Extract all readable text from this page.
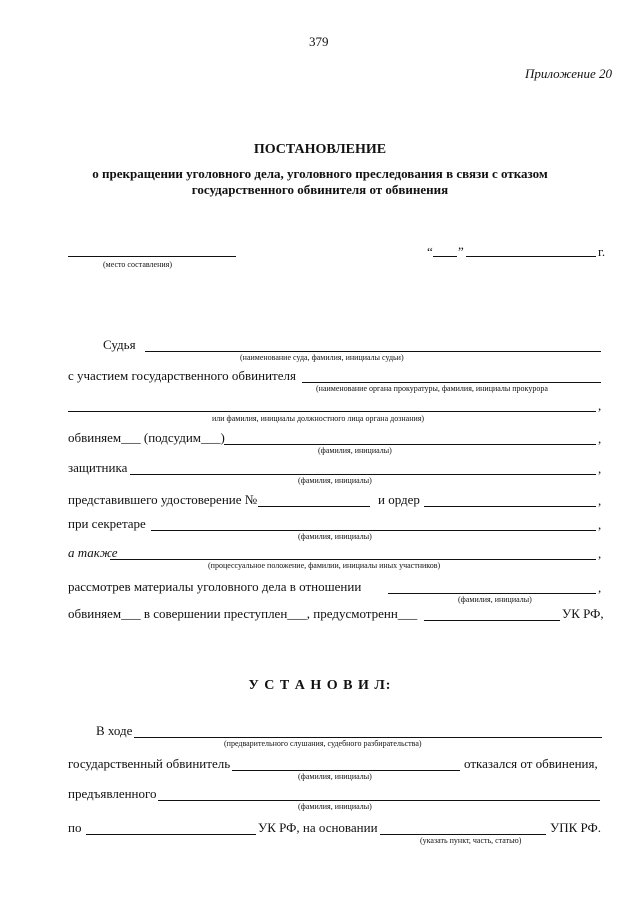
379
Приложение 20
ПОСТАНОВЛЕНИЕ
о прекращении уголовного дела, уголовного преследования в связи с отказом
государственного обвинителя от обвинения
(место составления)
“ ”	г.
Судья
(наименование суда, фамилия, инициалы судьи)
с участием государственного обвинителя
(наименование органа прокуратуры, фамилия, инициалы прокурора
,
или фамилия, инициалы должностного лица органа дознания)
обвиняем___ (подсудим___)	,
(фамилия, инициалы)
защитника	,
(фамилия, инициалы)
представившего удостоверение №	и ордер	,
при секретаре	,
(фамилия, инициалы)
а также	,
(процессуальное положение, фамилии, инициалы иных участников)
рассмотрев материалы уголовного дела в отношении	,
(фамилия, инициалы)
обвиняем___ в совершении преступлен___, предусмотренн___	УК РФ,
У С Т А Н О В И Л:
В ходе
(предварительного слушания, судебного разбирательства)
государственный обвинитель	отказался от обвинения,
(фамилия, инициалы)
предъявленного
(фамилия, инициалы)
по	УК РФ, на основании	УПК РФ.
(указать пункт, часть, статью)
